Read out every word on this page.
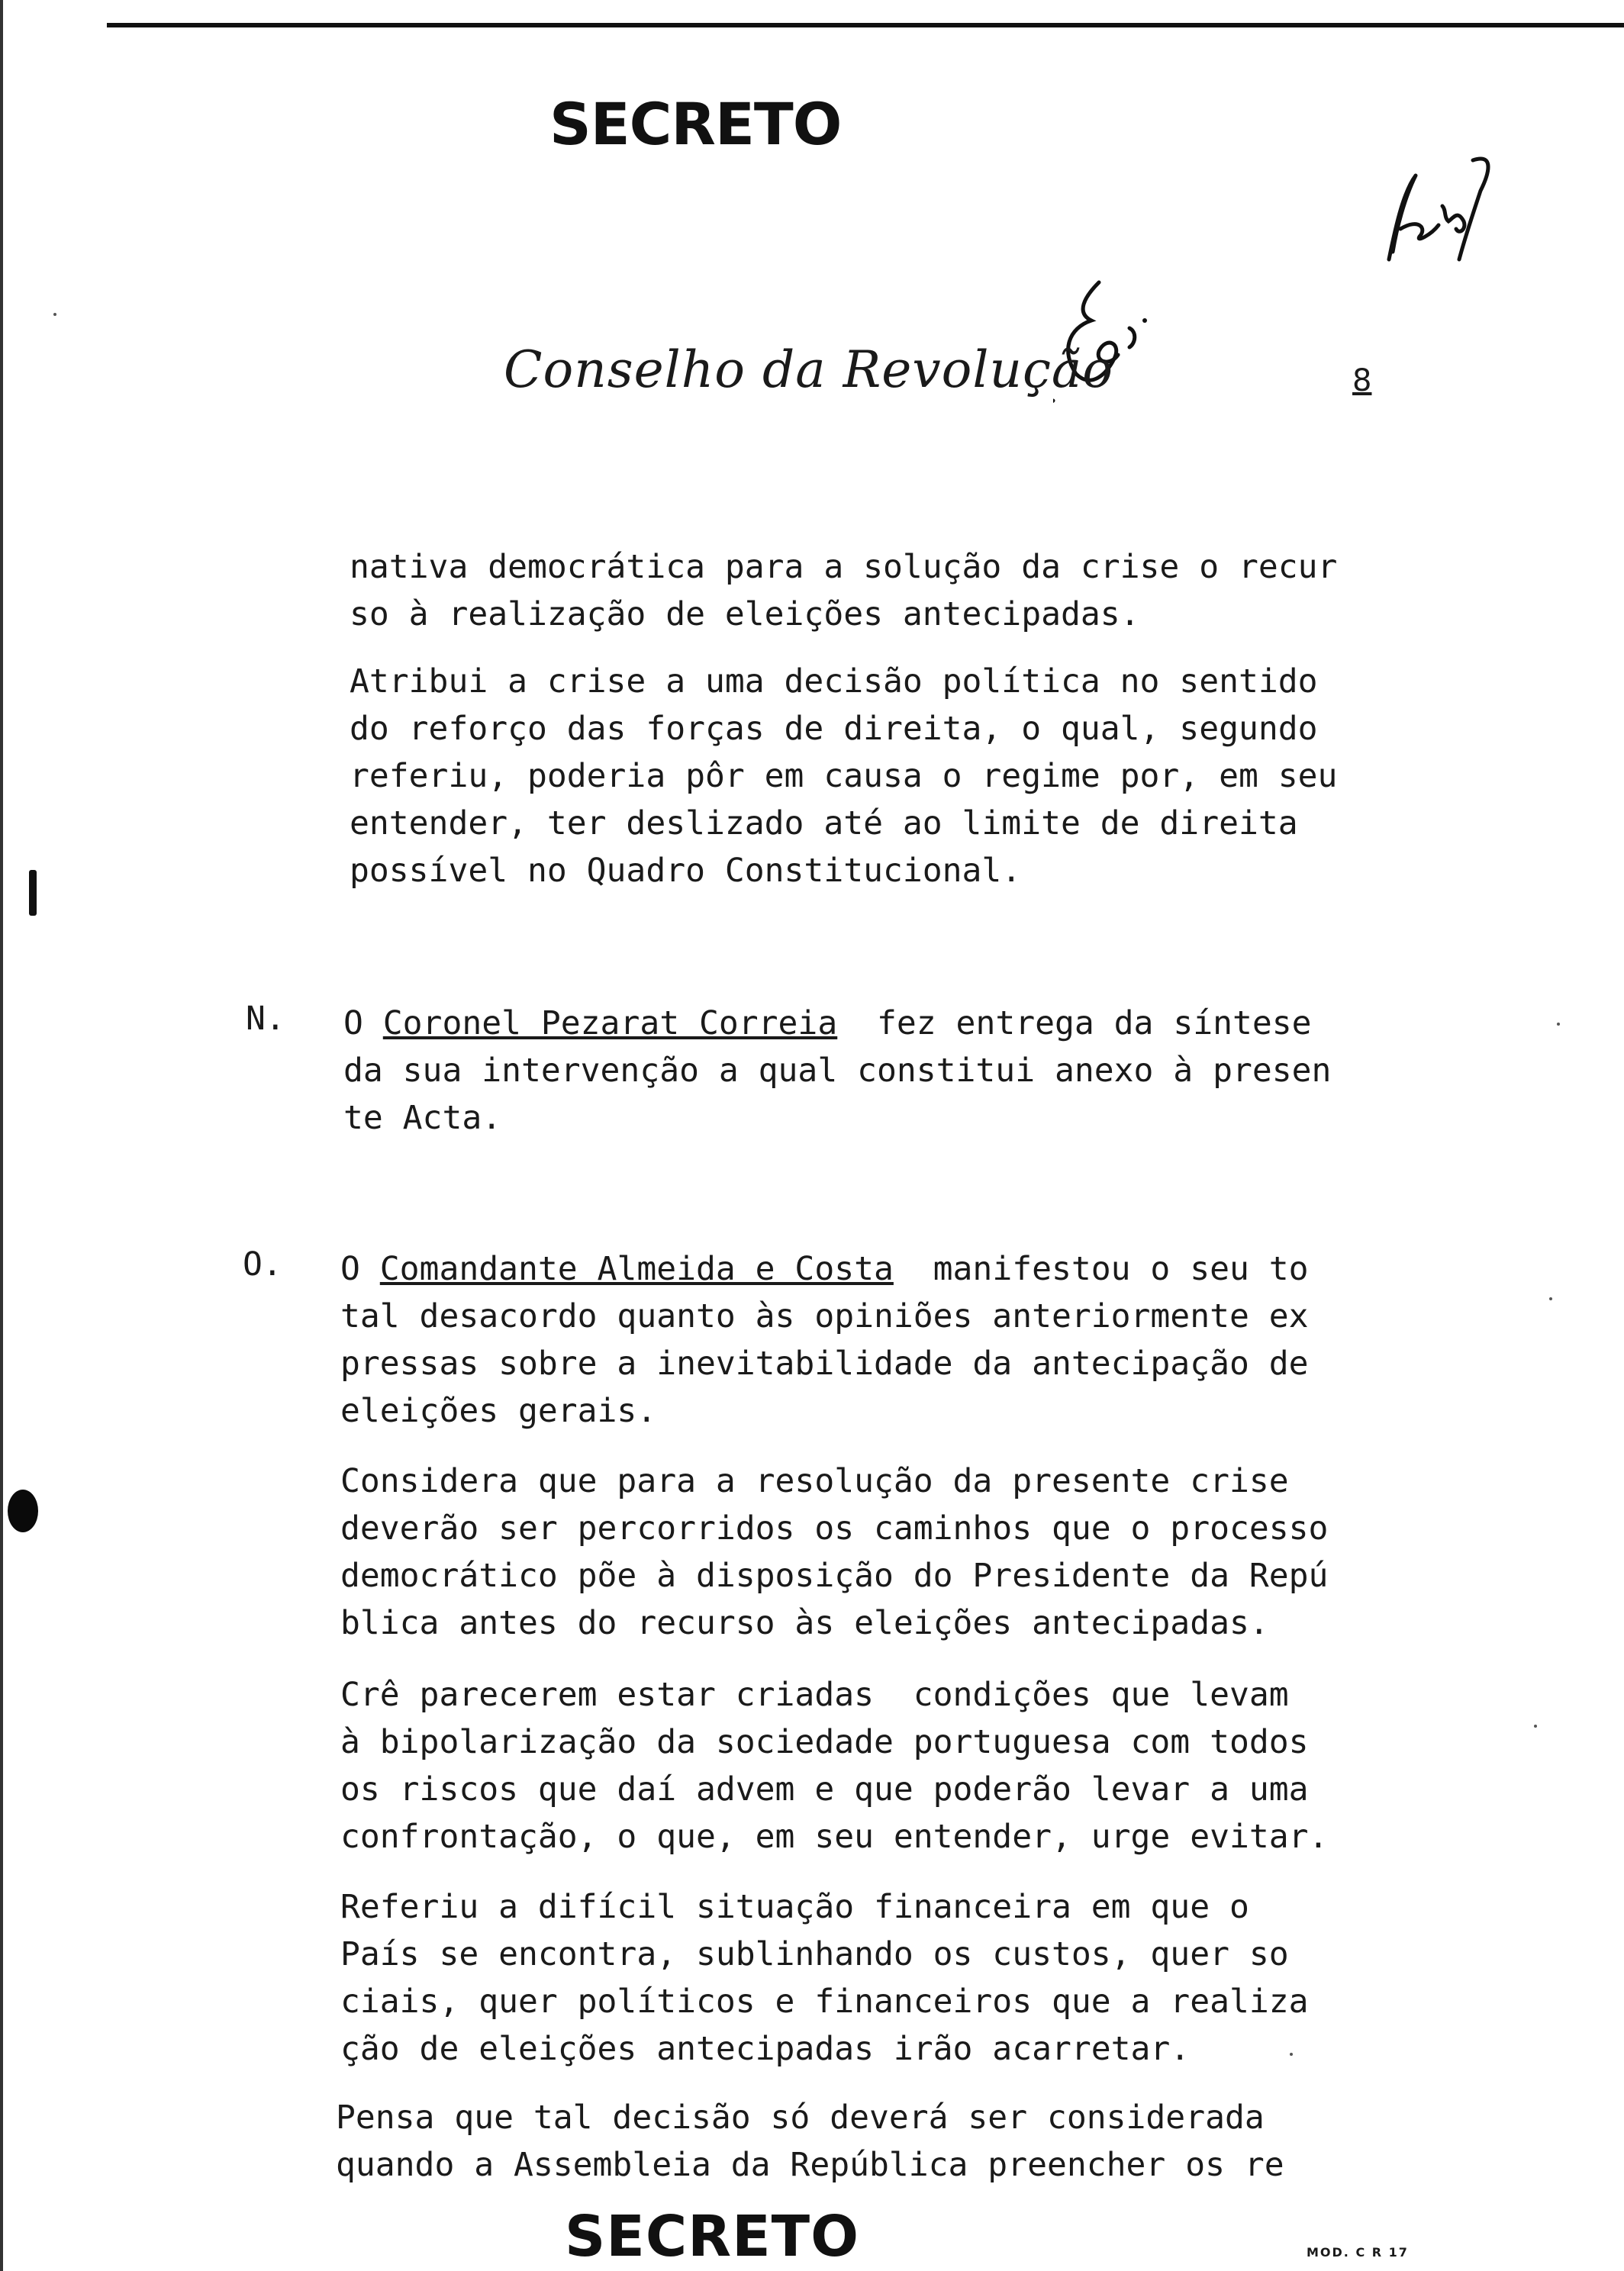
SECRETO
Conselho da Revolução	8
nativa democrática para a solução da crise o recur
so à realização de eleições antecipadas.
Atribui a crise a uma decisão política no sentido
do reforço das forças de direita, o qual, segundo
referiu, poderia pôr em causa o regime por, em seu
entender, ter deslizado até ao limite de direita
possível no Quadro Constitucional.
N. O Coronel Pezarat Correia fez entrega da síntese
da sua intervenção a qual constitui anexo à presen
te Acta.
O. O Comandante Almeida e Costa manifestou o seu to
tal desacordo quanto às opiniões anteriormente ex
pressas sobre a inevitabilidade da antecipação de
eleições gerais.
Considera que para a resolução da presente crise
deverão ser percorridos os caminhos que o processo
democrático põe à disposição do Presidente da Repú
blica antes do recurso às eleições antecipadas.
Crê parecerem estar criadas  condições que levam
à bipolarização da sociedade portuguesa com todos
os riscos que daí advem e que poderão levar a uma
confrontação, o que, em seu entender, urge evitar.
Referiu a difícil situação financeira em que o
País se encontra, sublinhando os custos, quer so
ciais, quer políticos e financeiros que a realiza
ção de eleições antecipadas irão acarretar.
Pensa que tal decisão só deverá ser considerada
quando a Assembleia da República preencher os re
SECRETO	MOD. C R 17
